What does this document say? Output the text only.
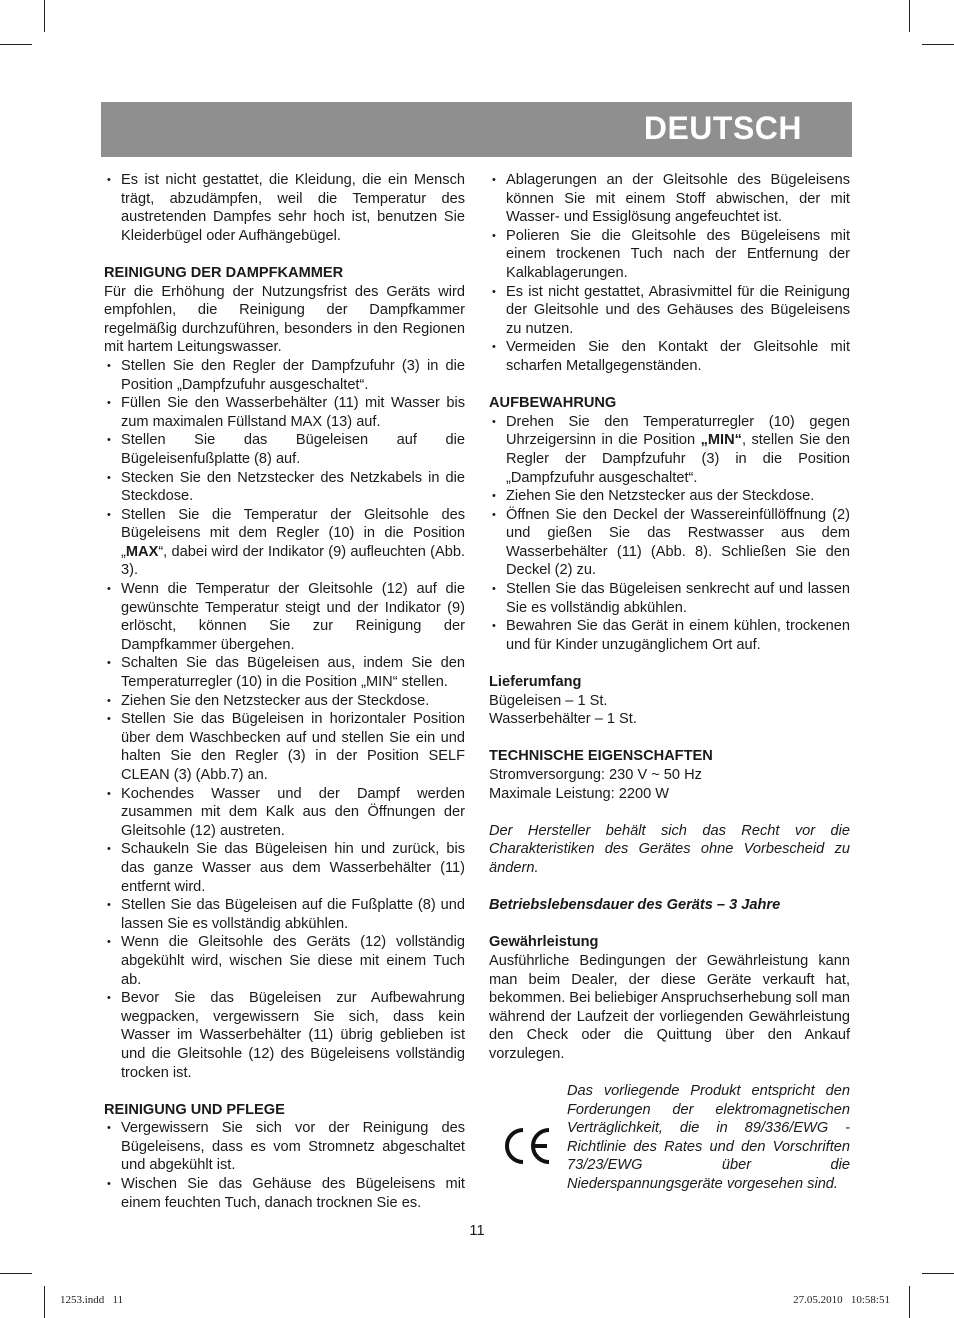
DEUTSCH
• Es ist nicht gestattet, die Kleidung, die ein Mensch trägt, abzudämpfen, weil die Temperatur des austretenden Dampfes sehr hoch ist, benutzen Sie Kleiderbügel oder Aufhängebügel.
REINIGUNG DER DAMPFKAMMER
Für die Erhöhung der Nutzungsfrist des Geräts wird empfohlen, die Reinigung der Dampfkammer regelmäßig durchzuführen, besonders in den Regionen mit hartem Leitungswasser.
• Stellen Sie den Regler der Dampfzufuhr (3) in die Position „Dampfzufuhr ausgeschaltet“.
• Füllen Sie den Wasserbehälter (11) mit Wasser bis zum maximalen Füllstand MAX (13) auf.
• Stellen Sie das Bügeleisen auf die Bügeleisenfußplatte (8) auf.
• Stecken Sie den Netzstecker des Netzkabels in die Steckdose.
• Stellen Sie die Temperatur der Gleitsohle des Bügeleisens mit dem Regler (10) in die Position „MAX“, dabei wird der Indikator (9) aufleuchten (Abb. 3).
• Wenn die Temperatur der Gleitsohle (12) auf die gewünschte Temperatur steigt und der Indikator (9) erlöscht, können Sie zur Reinigung der Dampfkammer übergehen.
• Schalten Sie das Bügeleisen aus, indem Sie den Temperaturregler (10) in die Position „MIN“ stellen.
• Ziehen Sie den Netzstecker aus der Steckdose.
• Stellen Sie das Bügeleisen in horizontaler Position über dem Waschbecken auf und stellen Sie ein und halten Sie den Regler (3) in der Position SELF CLEAN (3) (Abb.7) an.
• Kochendes Wasser und der Dampf werden zusammen mit dem Kalk aus den Öffnungen der Gleitsohle (12) austreten.
• Schaukeln Sie das Bügeleisen hin und zurück, bis das ganze Wasser aus dem Wasserbehälter (11) entfernt wird.
• Stellen Sie das Bügeleisen auf die Fußplatte (8) und lassen Sie es vollständig abkühlen.
• Wenn die Gleitsohle des Geräts (12) vollständig abgekühlt wird, wischen Sie diese mit einem Tuch ab.
• Bevor Sie das Bügeleisen zur Aufbewahrung wegpacken, vergewissern Sie sich, dass kein Wasser im Wasserbehälter (11) übrig geblieben ist und die Gleitsohle (12) des Bügeleisens vollständig trocken ist.
REINIGUNG UND PFLEGE
• Vergewissern Sie sich vor der Reinigung des Bügeleisens, dass es vom Stromnetz abgeschaltet und abgekühlt ist.
• Wischen Sie das Gehäuse des Bügeleisens mit einem feuchten Tuch, danach trocknen Sie es.
• Ablagerungen an der Gleitsohle des Bügeleisens können Sie mit einem Stoff abwischen, der mit Wasser- und Essiglösung angefeuchtet ist.
• Polieren Sie die Gleitsohle des Bügeleisens mit einem trockenen Tuch nach der Entfernung der Kalkablagerungen.
• Es ist nicht gestattet, Abrasivmittel für die Reinigung der Gleitsohle und des Gehäuses des Bügeleisens zu nutzen.
• Vermeiden Sie den Kontakt der Gleitsohle mit scharfen Metallgegenständen.
AUFBEWAHRUNG
• Drehen Sie den Temperaturregler (10) gegen Uhrzeigersinn in die Position „MIN“, stellen Sie den Regler der Dampfzufuhr (3) in die Position „Dampfzufuhr ausgeschaltet“.
• Ziehen Sie den Netzstecker aus der Steckdose.
• Öffnen Sie den Deckel der Wassereinfüllöffnung (2) und gießen Sie das Restwasser aus dem Wasserbehälter (11) (Abb. 8). Schließen Sie den Deckel (2) zu.
• Stellen Sie das Bügeleisen senkrecht auf und lassen Sie es vollständig abkühlen.
• Bewahren Sie das Gerät in einem kühlen, trockenen und für Kinder unzugänglichem Ort auf.
Lieferumfang
Bügeleisen – 1 St.
Wasserbehälter – 1 St.
TECHNISCHE EIGENSCHAFTEN
Stromversorgung: 230 V ~ 50 Hz
Maximale Leistung: 2200 W
Der Hersteller behält sich das Recht vor die Charakteristiken des Gerätes ohne Vorbescheid zu ändern.
Betriebslebensdauer des Geräts – 3 Jahre
Gewährleistung
Ausführliche Bedingungen der Gewährleistung kann man beim Dealer, der diese Geräte verkauft hat, bekommen. Bei beliebiger Anspruchserhebung soll man während der Laufzeit der vorliegenden Gewährleistung den Check oder die Quittung über den Ankauf vorzulegen.
Das vorliegende Produkt entspricht den Forderungen der elektromagnetischen Verträglichkeit, die in 89/336/EWG -Richtlinie des Rates und den Vorschriften 73/23/EWG über die Niederspannungsgeräte vorgesehen sind.
11
1253.indd   11	27.05.2010   10:58:51
